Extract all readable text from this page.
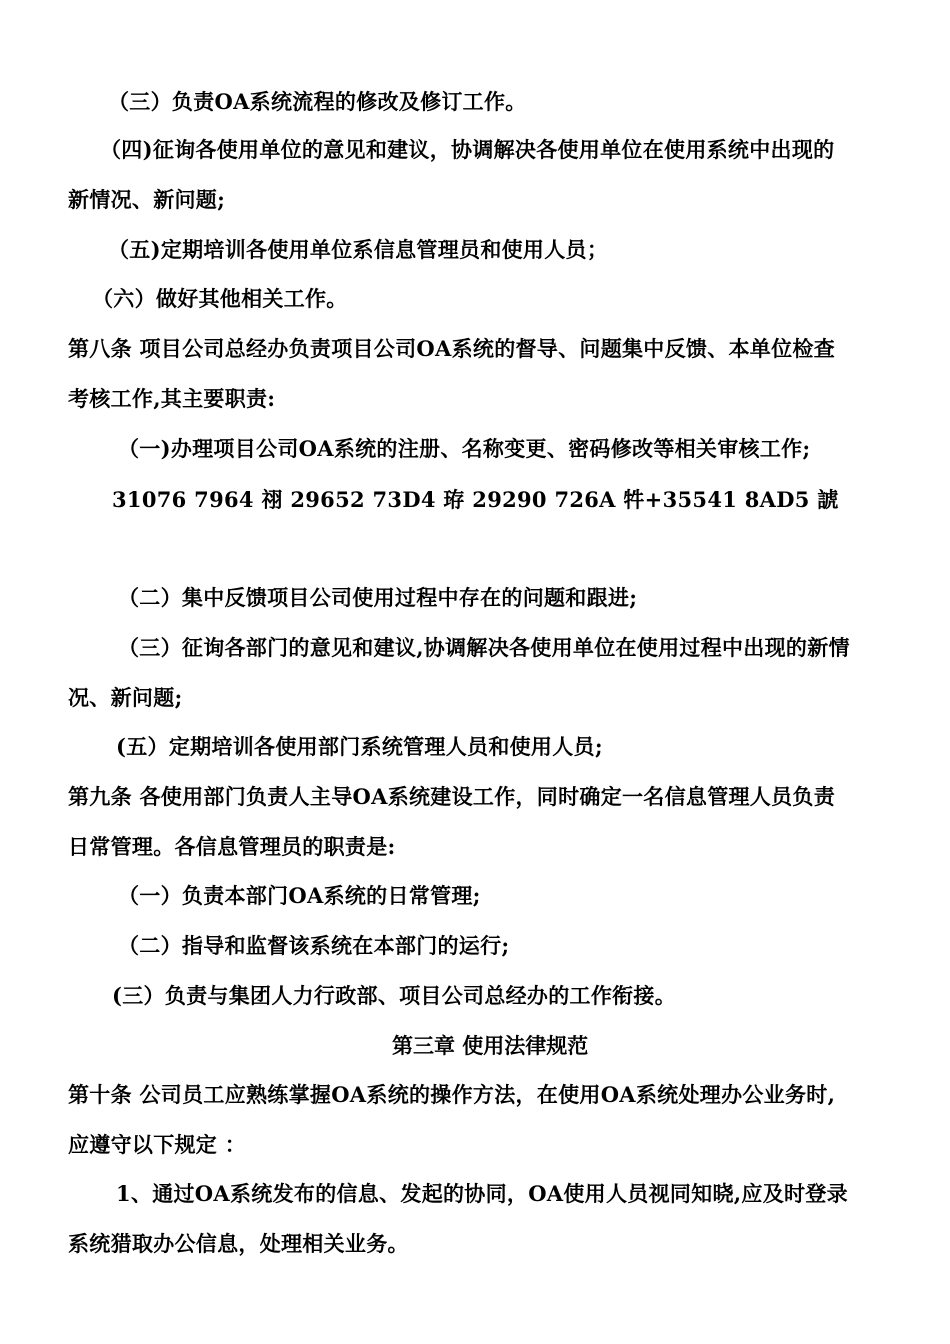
（三）负责OA系统流程的修改及修订工作。
（四)征询各使用单位的意见和建议，协调解决各使用单位在使用系统中出现的
新情况、新问题;
（五)定期培训各使用单位系信息管理员和使用人员；
（六）做好其他相关工作。
第八条 项目公司总经办负责项目公司OA系统的督导、问题集中反馈、本单位检查
考核工作,其主要职责:
（一)办理项目公司OA系统的注册、名称变更、密码修改等相关审核工作;
31076 7964 祤 29652 73D4 珔 29290 726A 牪+35541 8AD5 諕
（二）集中反馈项目公司使用过程中存在的问题和跟进;
（三）征询各部门的意见和建议,协调解决各使用单位在使用过程中出现的新情
况、新问题;
(五）定期培训各使用部门系统管理人员和使用人员;
第九条 各使用部门负责人主导OA系统建设工作，同时确定一名信息管理人员负责
日常管理。各信息管理员的职责是:
（一）负责本部门OA系统的日常管理;
（二）指导和监督该系统在本部门的运行;
(三）负责与集团人力行政部、项目公司总经办的工作衔接。
第三章 使用法律规范
第十条 公司员工应熟练掌握OA系统的操作方法，在使用OA系统处理办公业务时,
应遵守以下规定 ：
1、通过OA系统发布的信息、发起的协同，OA使用人员视同知晓,应及时登录
系统猎取办公信息，处理相关业务。
